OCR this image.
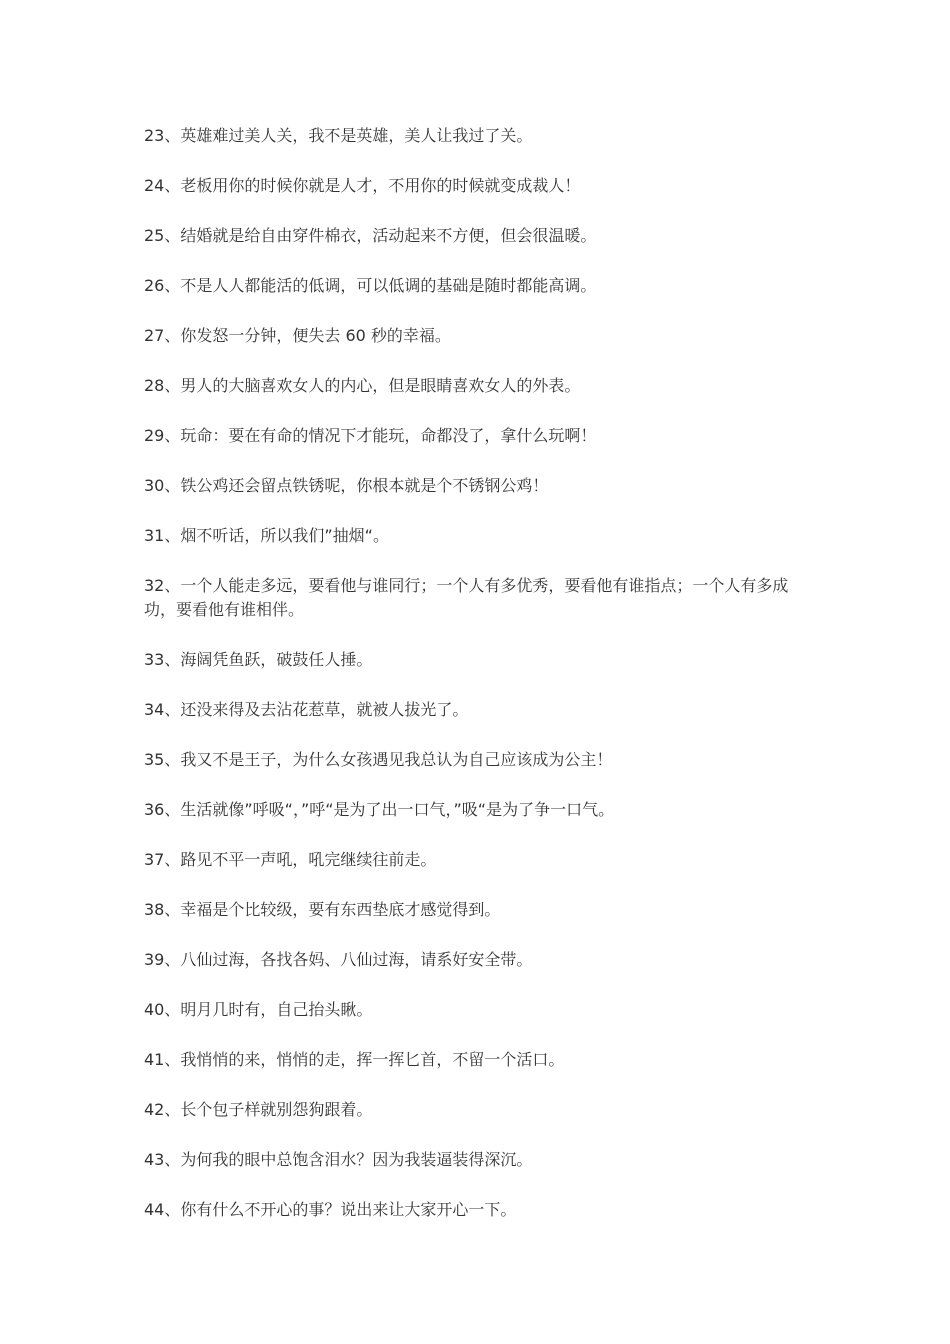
23、英雄难过美人关，我不是英雄，美人让我过了关。

24、老板用你的时候你就是人才，不用你的时候就变成裁人！

25、结婚就是给自由穿件棉衣，活动起来不方便，但会很温暖。

26、不是人人都能活的低调，可以低调的基础是随时都能高调。

27、你发怒一分钟，便失去 60 秒的幸福。

28、男人的大脑喜欢女人的内心，但是眼睛喜欢女人的外表。

29、玩命：要在有命的情况下才能玩，命都没了，拿什么玩啊！

30、铁公鸡还会留点铁锈呢，你根本就是个不锈钢公鸡！

31、烟不听话，所以我们”抽烟“。

32、一个人能走多远，要看他与谁同行；一个人有多优秀，要看他有谁指点；一个人有多成功，要看他有谁相伴。

33、海阔凭鱼跃，破鼓任人捶。

34、还没来得及去沾花惹草，就被人拔光了。

35、我又不是王子，为什么女孩遇见我总认为自己应该成为公主！

36、生活就像”呼吸“，”呼“是为了出一口气，”吸“是为了争一口气。

37、路见不平一声吼，吼完继续往前走。

38、幸福是个比较级，要有东西垫底才感觉得到。

39、八仙过海，各找各妈、八仙过海，请系好安全带。

40、明月几时有，自己抬头瞅。

41、我悄悄的来，悄悄的走，挥一挥匕首，不留一个活口。

42、长个包子样就别怨狗跟着。

43、为何我的眼中总饱含泪水？因为我装逼装得深沉。

44、你有什么不开心的事？说出来让大家开心一下。
